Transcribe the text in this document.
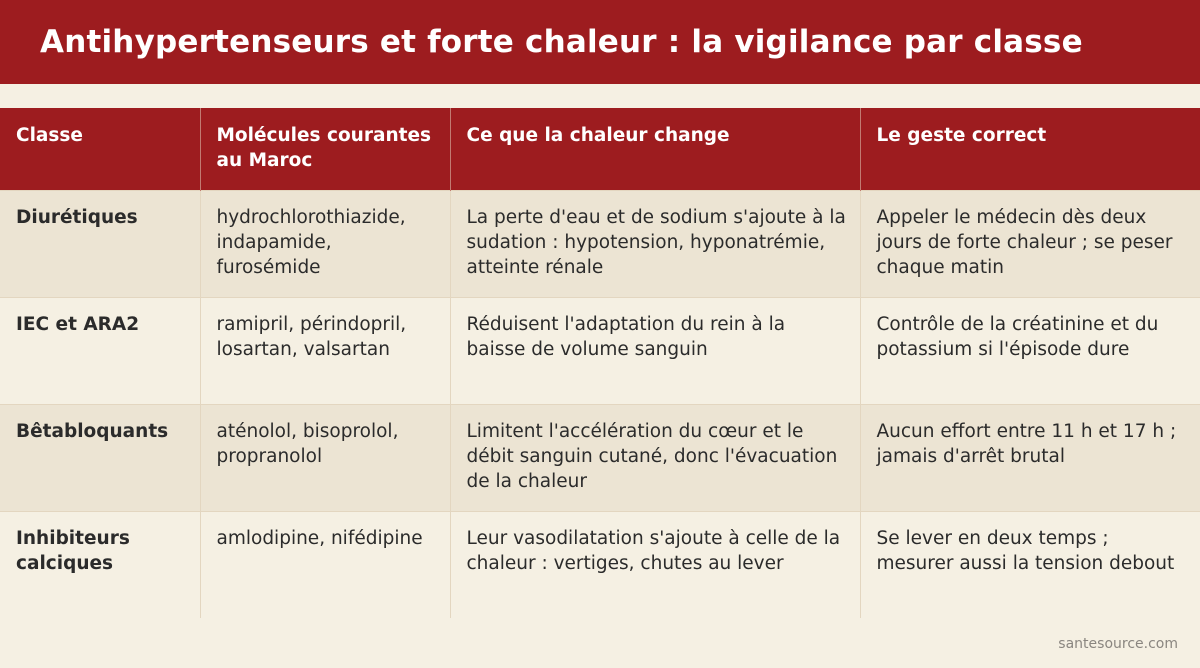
Antihypertenseurs et forte chaleur : la vigilance par classe
Classe	Molécules courantes au Maroc	Ce que la chaleur change	Le geste correct
Diurétiques	hydrochlorothiazide, indapamide, furosémide	La perte d'eau et de sodium s'ajoute à la sudation : hypotension, hyponatrémie, atteinte rénale	Appeler le médecin dès deux jours de forte chaleur ; se peser chaque matin
IEC et ARA2	ramipril, périndopril, losartan, valsartan	Réduisent l'adaptation du rein à la baisse de volume sanguin	Contrôle de la créatinine et du potassium si l'épisode dure
Bêtabloquants	aténolol, bisoprolol, propranolol	Limitent l'accélération du cœur et le débit sanguin cutané, donc l'évacuation de la chaleur	Aucun effort entre 11 h et 17 h ; jamais d'arrêt brutal
Inhibiteurs calciques	amlodipine, nifédipine	Leur vasodilatation s'ajoute à celle de la chaleur : vertiges, chutes au lever	Se lever en deux temps ; mesurer aussi la tension debout
santesource.com
